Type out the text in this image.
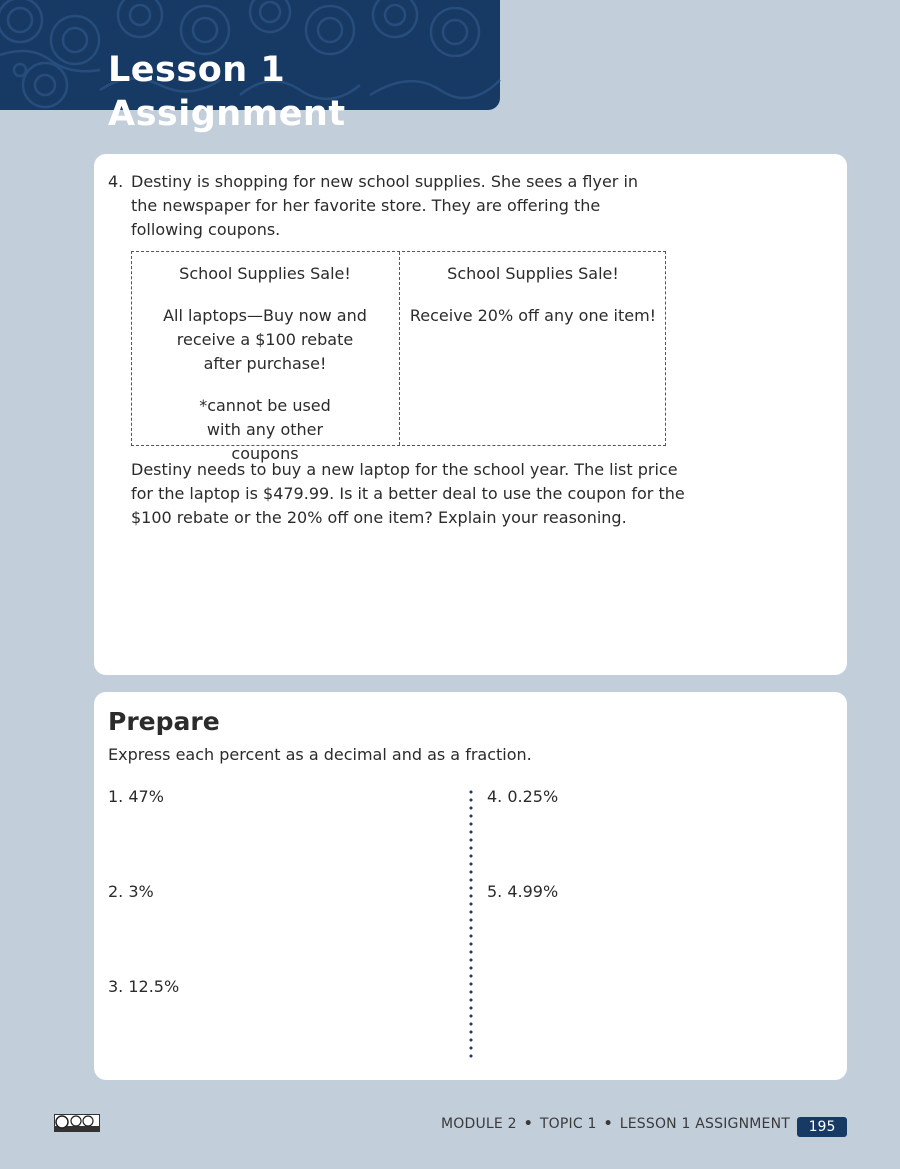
Lesson 1 Assignment
4. Destiny is shopping for new school supplies. She sees a flyer in the newspaper for her favorite store. They are offering the following coupons.

School Supplies Sale!

All laptops—Buy now and receive a $100 rebate after purchase!

*cannot be used with any other coupons

School Supplies Sale!

Receive 20% off any one item!

Destiny needs to buy a new laptop for the school year. The list price for the laptop is $479.99. Is it a better deal to use the coupon for the $100 rebate or the 20% off one item? Explain your reasoning.
Prepare
Express each percent as a decimal and as a fraction.
1. 47%
2. 3%
3. 12.5%
4. 0.25%
5. 4.99%
MODULE 2 • TOPIC 1 • LESSON 1 ASSIGNMENT	195
